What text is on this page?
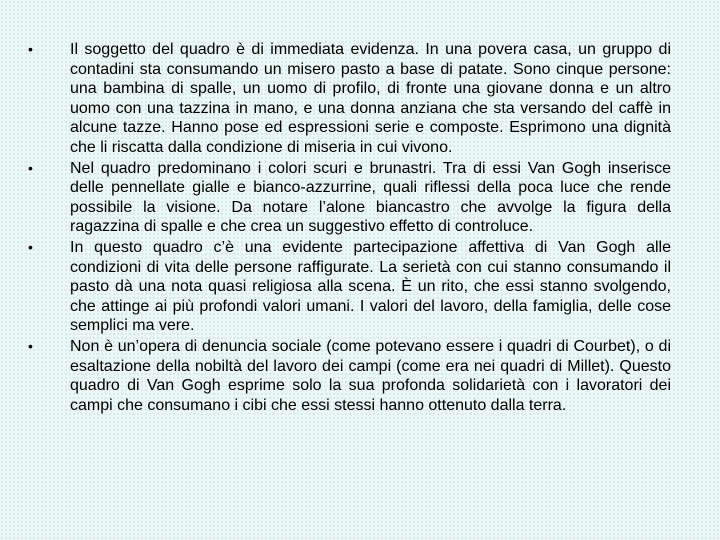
•	Il soggetto del quadro è di immediata evidenza. In una povera casa, un gruppo di contadini sta consumando un misero pasto a base di patate. Sono cinque persone: una bambina di spalle, un uomo di profilo, di fronte una giovane donna e un altro uomo con una tazzina in mano, e una donna anziana che sta versando del caffè in alcune tazze. Hanno pose ed espressioni serie e composte. Esprimono una dignità che li riscatta dalla condizione di miseria in cui vivono.
•	Nel quadro predominano i colori scuri e brunastri. Tra di essi Van Gogh inserisce delle pennellate gialle e bianco-azzurrine, quali riflessi della poca luce che rende possibile la visione. Da notare l’alone biancastro che avvolge la figura della ragazzina di spalle e che crea un suggestivo effetto di controluce.
•	In questo quadro c’è una evidente partecipazione affettiva di Van Gogh alle condizioni di vita delle persone raffigurate. La serietà con cui stanno consumando il pasto dà una nota quasi religiosa alla scena. È un rito, che essi stanno svolgendo, che attinge ai più profondi valori umani. I valori del lavoro, della famiglia, delle cose semplici ma vere.
•	Non è un’opera di denuncia sociale (come potevano essere i quadri di Courbet), o di esaltazione della nobiltà del lavoro dei campi (come era nei quadri di Millet). Questo quadro di Van Gogh esprime solo la sua profonda solidarietà con i lavoratori dei campi che consumano i cibi che essi stessi hanno ottenuto dalla terra.
